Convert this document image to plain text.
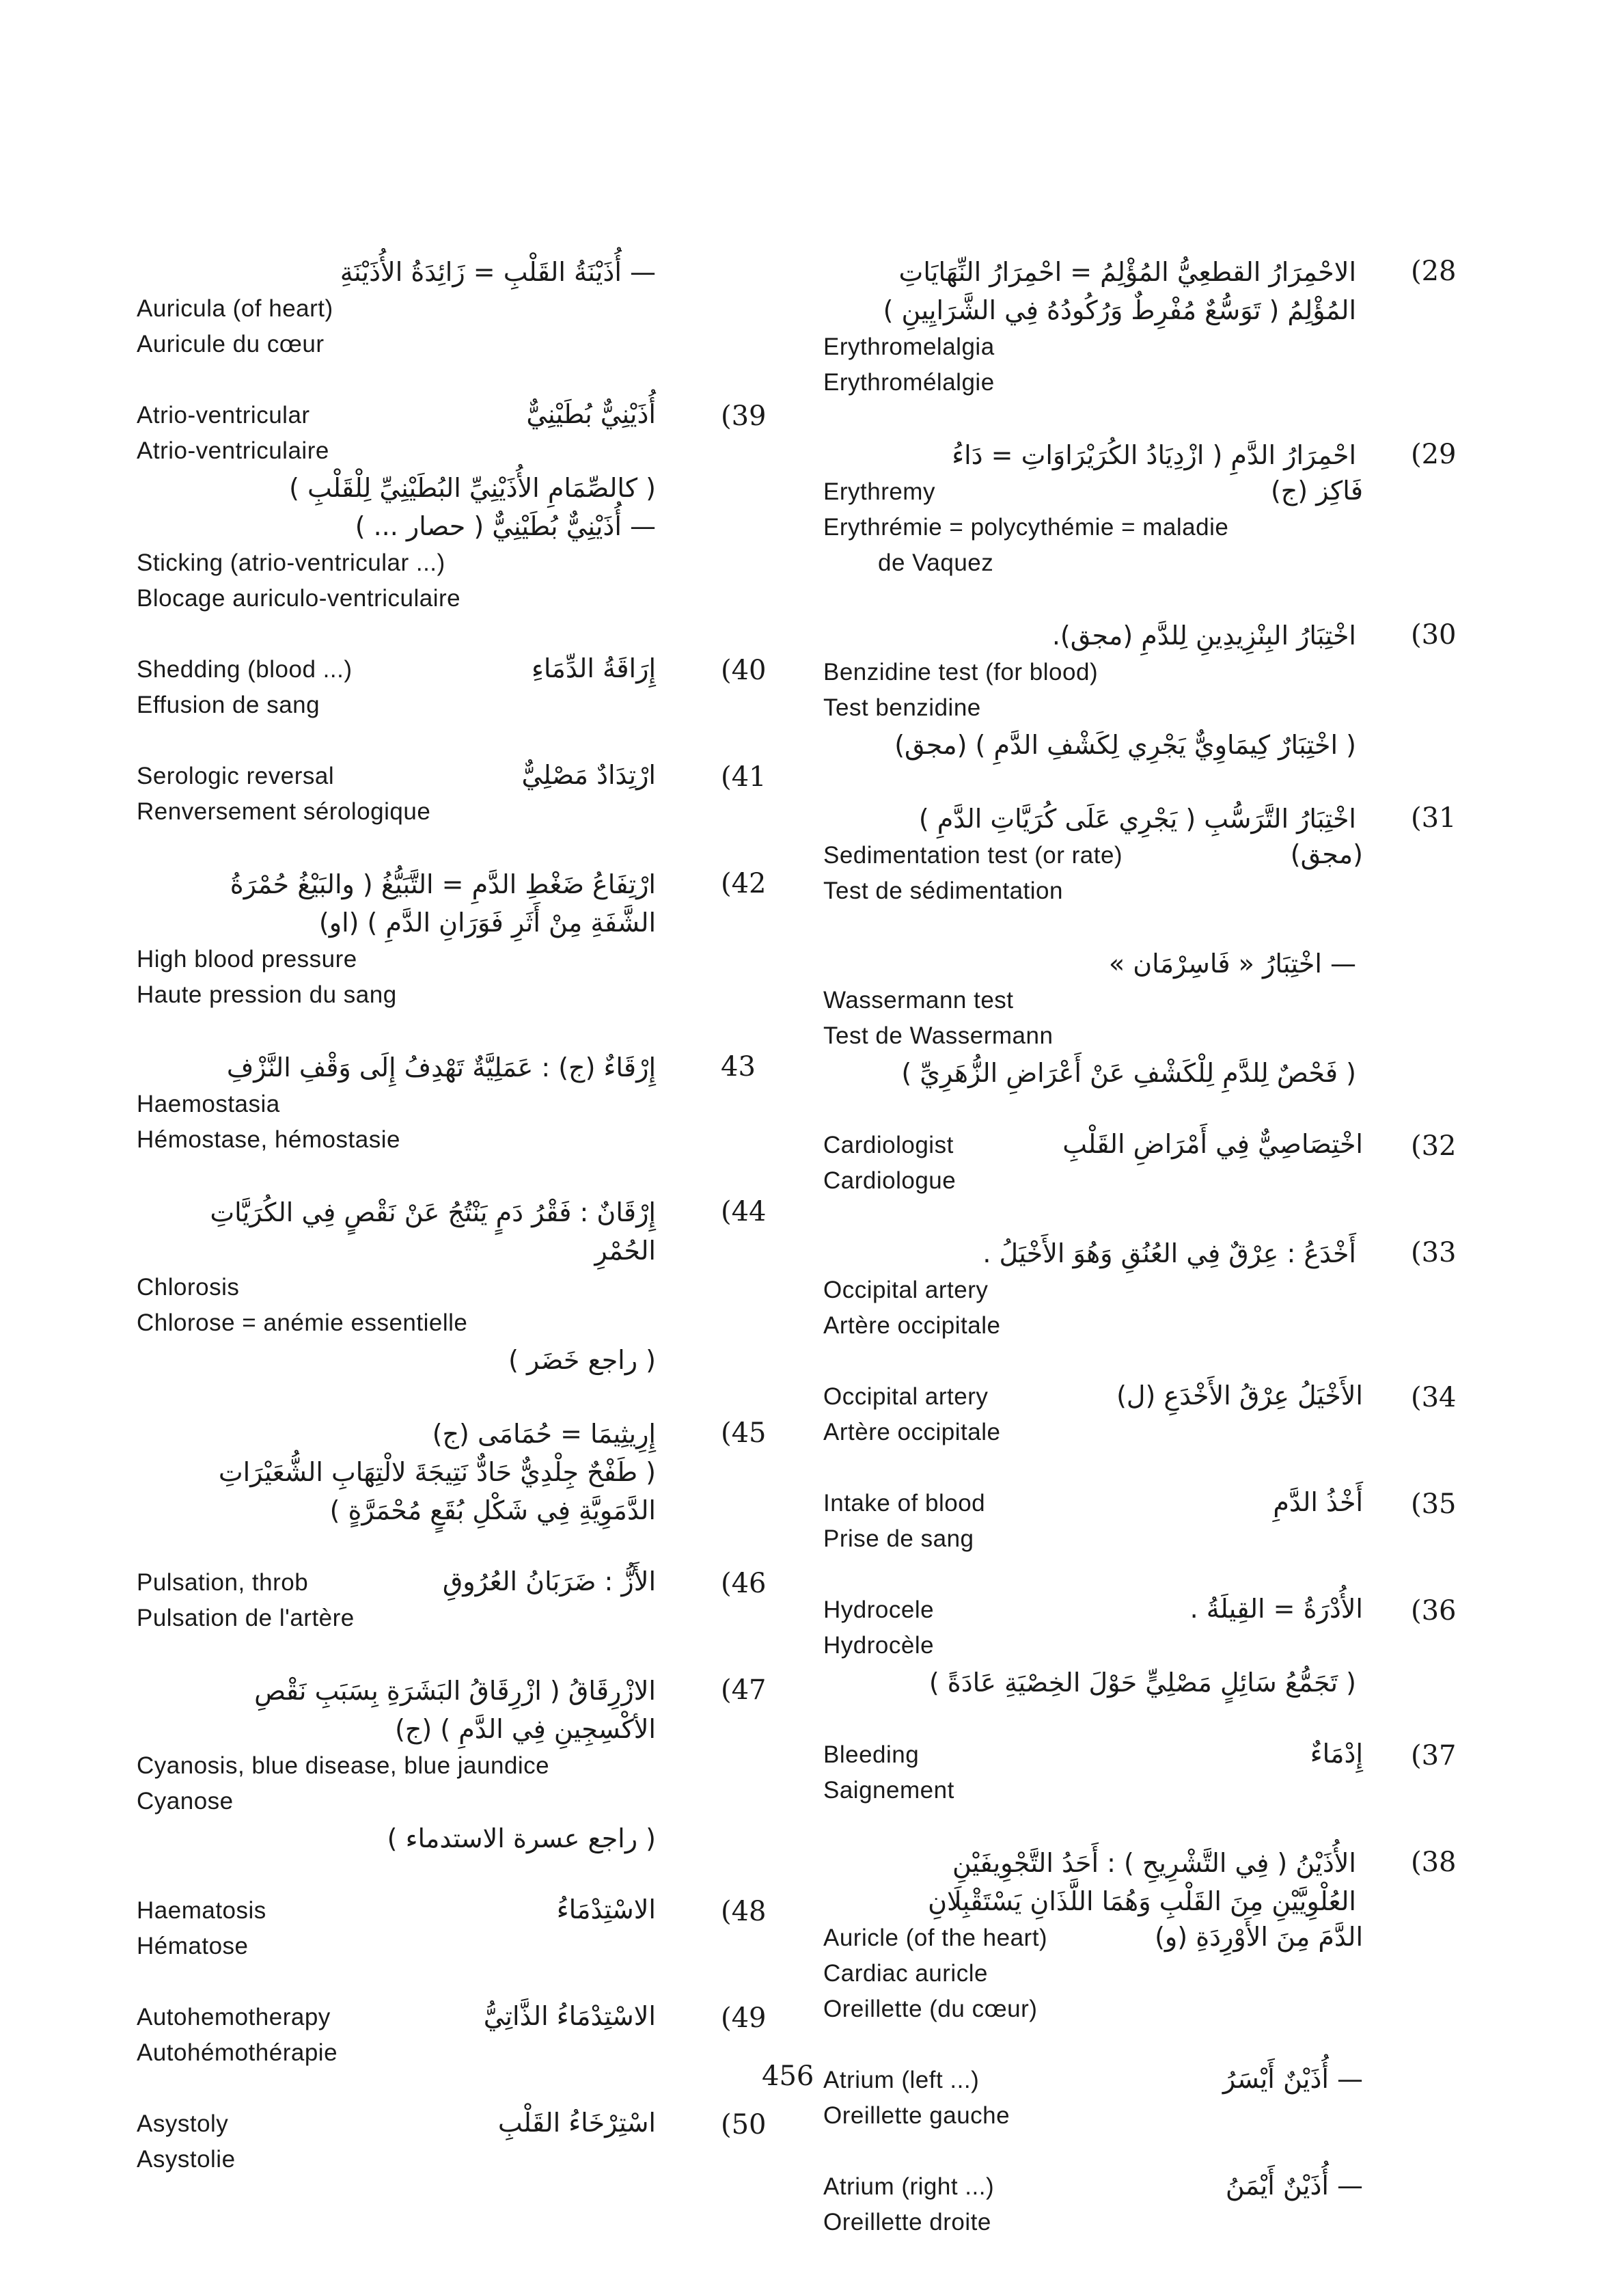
— أُذَيْنَةُ القَلْبِ = زَائِدَةُ الأُذَيْنَةِ
Auricula (of heart)
Auricule du cœur
(39
Atrio-ventricular	أُذَيْنِيٌّ بُطَيْنِيٌّ
Atrio-ventriculaire
( كالصِّمَامِ الأُذَيْنِيِّ البُطَيْنِيِّ لِلْقَلْبِ )
— أُذَيْنِيٌّ بُطَيْنِيٌّ ( حصار ... )
Sticking (atrio-ventricular ...)
Blocage auriculo-ventriculaire
(40
Shedding (blood ...)	إِرَاقَةُ الدِّمَاءِ
Effusion de sang
(41
Serologic reversal	ارْتِدَادٌ مَصْلِيٌّ
Renversement sérologique
(42
ارْتِفَاعُ ضَغْطِ الدَّمِ = التَّبَيُّغُ ( والبَيْغُ حُمْرَةُ
الشَّفَةِ مِنْ أَثَرِ فَوَرَانِ الدَّمِ ) (او)
High blood pressure
Haute pression du sang
43
إِرْقَاءٌ (ج) : عَمَلِيَّةٌ تَهْدِفُ إِلَى وَقْفِ النَّزْفِ
Haemostasia
Hémostase, hémostasie
(44
إِرْقَانٌ : فَقْرُ دَمٍ يَنْتُجُ عَنْ نَقْصٍ فِي الكُرَيَّاتِ
الحُمْرِ
Chlorosis
Chlorose = anémie essentielle
( راجع خَضَر )
(45
إِرِيثِيمَا = حُمَامَى (ج)
( طَفْحٌ جِلْدِيٌّ حَادٌّ نَتِيجَةَ لالْتِهَابِ الشُّعَيْرَاتِ
الدَّمَوِيَّةِ فِي شَكْلِ بُقَعٍ مُحْمَرَّةٍ )
(46
Pulsation, throb	الأَزُّ : ضَرَبَانُ العُرُوقِ
Pulsation de l'artère
(47
الازْرِقَاقُ ( ازْرِقَاقُ البَشَرَةِ بِسَبَبِ نَقْصِ
الأكْسِجِينِ فِي الدَّمِ ) (ج)
Cyanosis, blue disease, blue jaundice
Cyanose
( راجع عسرة الاستدماء )
(48
Haematosis	الاسْتِدْمَاءُ
Hématose
(49
Autohemotherapy	الاسْتِدْمَاءُ الذَّاتِيُّ
Autohémothérapie
(50
Asystoly	اسْتِرْخَاءُ القَلْبِ
Asystolie
(28
الاحْمِرَارُ القطعِيُّ المُؤْلِمُ = احْمِرَارُ النِّهَايَاتِ
المُؤْلِمُ ( تَوَسُّعٌ مُفْرِطٌ وَرُكُودُهُ فِي الشَّرَايِينِ )
Erythromelalgia
Erythromélalgie
(29
احْمِرَارُ الدَّمِ ( ازْدِيَادُ الكُرَيْرَاوَاتِ = دَاءُ
Erythremy	فَاكِز (ج)
Erythrémie = polycythémie = maladie
de Vaquez
(30
اخْتِبَارُ البِنْزِيدِينِ لِلدَّمِ (مجق).
Benzidine test (for blood)
Test benzidine
( اخْتِبَارٌ كِيمَاوِيٌّ يَجْرِي لِكَشْفِ الدَّمِ ) (مجق)
(31
اخْتِبَارُ التَّرَسُّبِ ( يَجْرِي عَلَى كُرَيَّاتِ الدَّمِ )
Sedimentation test (or rate)	(مجق)
Test de sédimentation
— اخْتِبَارُ « فَاسِرْمَان »
Wassermann test
Test de Wassermann
( فَحْصٌ لِلدَّمِ لِلْكَشْفِ عَنْ أَعْرَاضِ الزُّهَرِيِّ )
(32
Cardiologist	اخْتِصَاصِيٌّ فِي أَمْرَاضِ القَلْبِ
Cardiologue
(33
أَخْدَعُ : عِرْقٌ فِي العُنُقِ وَهُوَ الأَخْيَلُ .
Occipital artery
Artère occipitale
(34
Occipital artery	الأَخْيَلُ عِرْقُ الأَخْدَعِ (ل)
Artère occipitale
(35
Intake of blood	أَخْذُ الدَّمِ
Prise de sang
(36
Hydrocele	الأُدْرَةُ = القِيلَةُ .
Hydrocèle
( تَجَمُّعُ سَائِلٍ مَصْلِيٍّ حَوْلَ الخِصْيَةِ عَادَةً )
(37
Bleeding	إِدْمَاءٌ
Saignement
(38
الأُذَيْنُ ( فِي التَّشْرِيحِ ) : أَحَدُ التَّجْوِيفَيْنِ
العُلْوِيَّيْنِ مِنَ القَلْبِ وَهُمَا اللَّذَانِ يَسْتَقْبِلَانِ
Auricle (of the heart)	الدَّمَ مِنَ الأَوْرِدَةِ (و)
Cardiac auricle
Oreillette (du cœur)
Atrium (left ...)	— أُذَيْنٌ أَيْسَرُ
Oreillette gauche
Atrium (right ...)	— أُذَيْنٌ أَيْمَنُ
Oreillette droite
456
